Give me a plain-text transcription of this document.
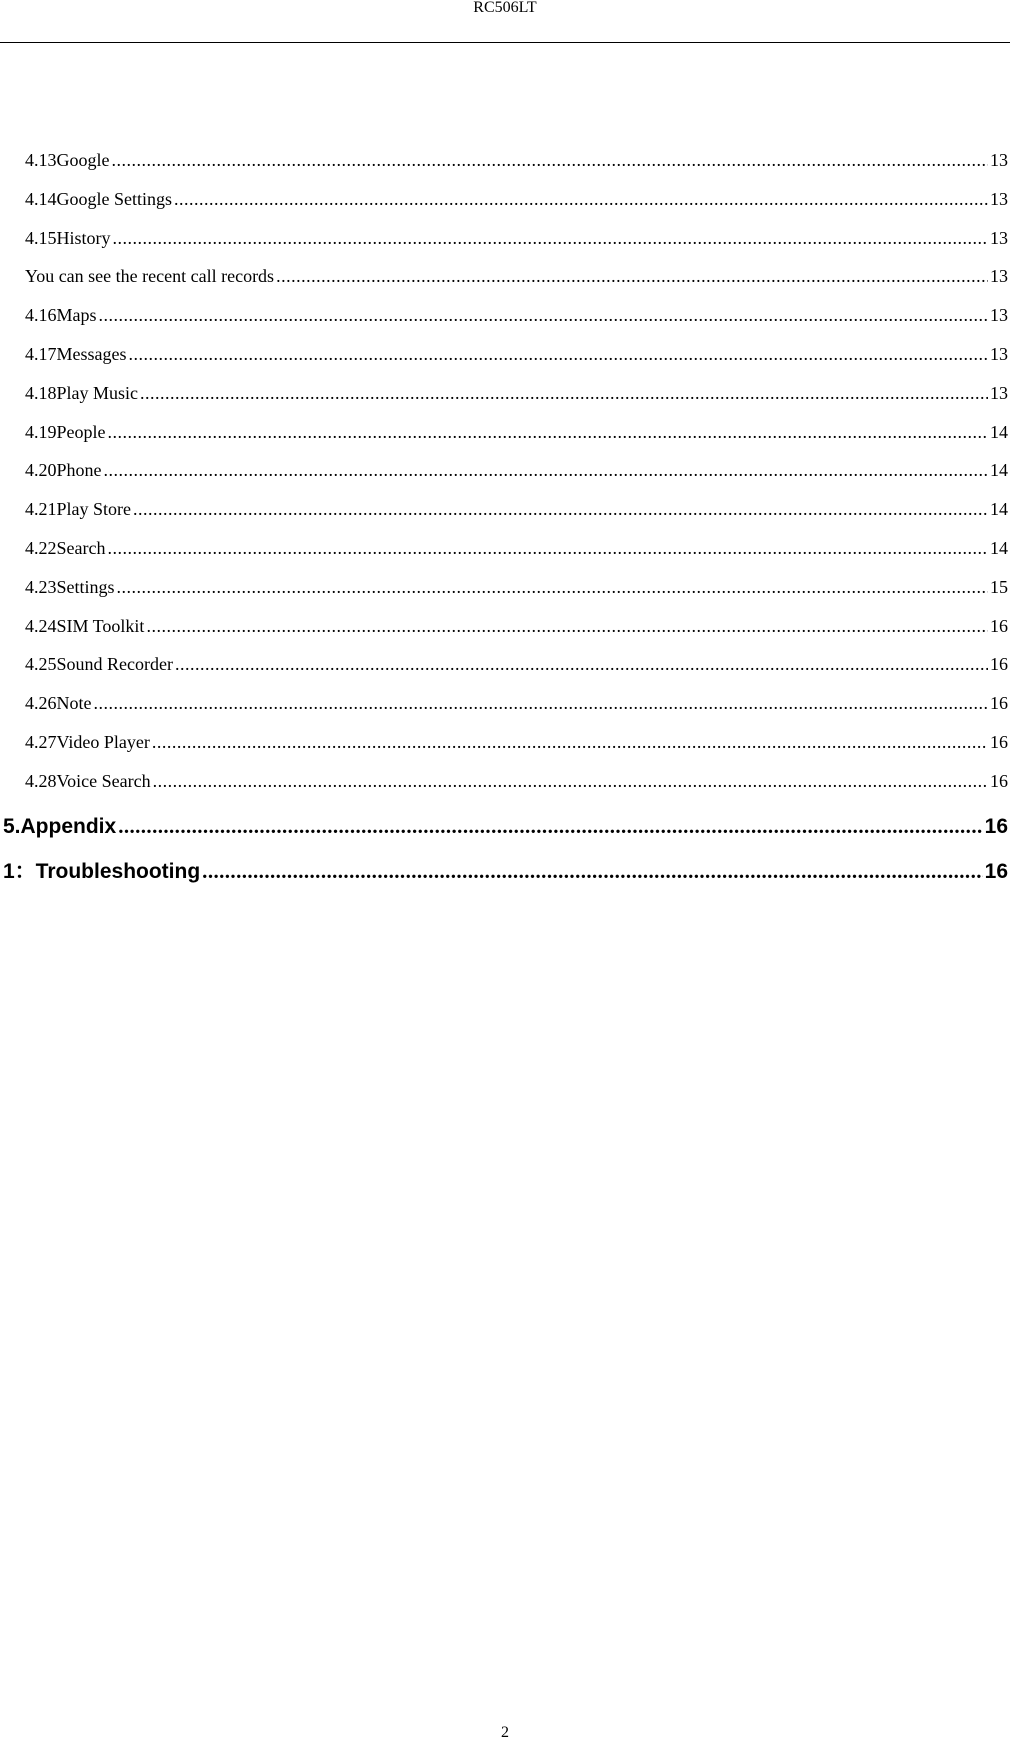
RC506LT
4.13Google .....	13
4.14Google Settings .....	13
4.15History .....	13
You can see the recent call records .....	13
4.16Maps .....	13
4.17Messages .....	13
4.18Play Music .....	13
4.19People .....	14
4.20Phone .....	14
4.21Play Store .....	14
4.22Search .....	14
4.23Settings .....	15
4.24SIM Toolkit .....	16
4.25Sound Recorder .....	16
4.26Note .....	16
4.27Video Player .....	16
4.28Voice Search .....	16
5.Appendix .....	16
1：Troubleshooting .....	16
2
